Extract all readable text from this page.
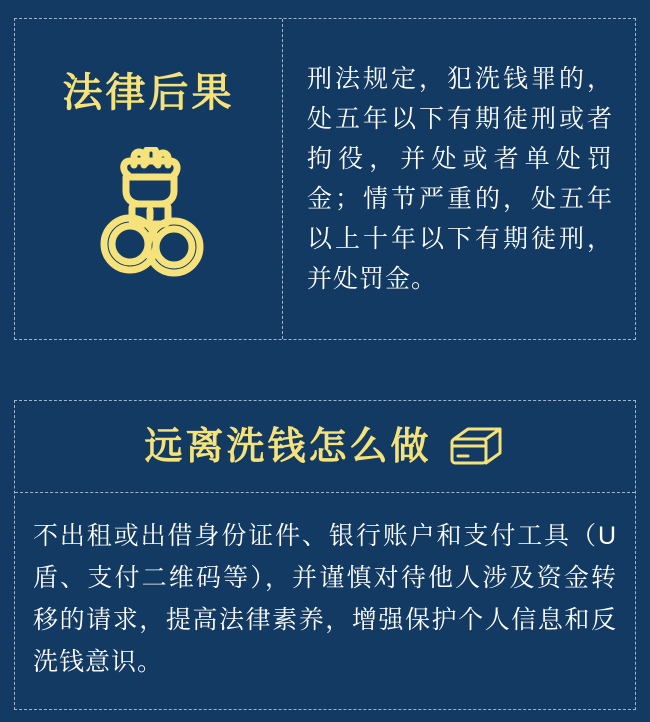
法律后果	刑法规定，犯洗钱罪的，处五年以下有期徒刑或者拘役，并处或者单处罚金；情节严重的，处五年以上十年以下有期徒刑，并处罚金。
远离洗钱怎么做
不出租或出借身份证件、银行账户和支付工具（U盾、支付二维码等），并谨慎对待他人涉及资金转移的请求，提高法律素养，增强保护个人信息和反洗钱意识。
